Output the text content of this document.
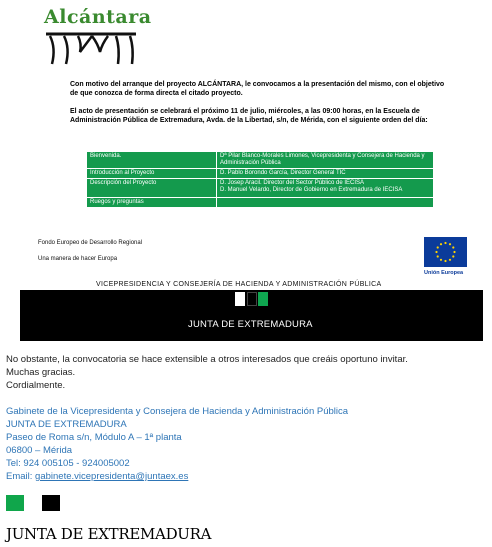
Alcántara
Con motivo del arranque del proyecto ALCÁNTARA, le convocamos a la presentación del mismo, con el objetivo de que conozca de forma directa el citado proyecto.
El acto de presentación se celebrará el próximo 11 de julio, miércoles, a las 09:00 horas, en la Escuela de Administración Pública de Extremadura, Avda. de la Libertad, s/n, de Mérida, con el siguiente orden del día:
Bienvenida.	Dª Pilar Blanco-Morales Limones, Vicepresidenta y Consejera de Hacienda y Administración Pública
Introducción al Proyecto	D. Pablo Borondo García, Director General TIC
Descripción del Proyecto	D. Josep Aracil. Director del Sector Público de IECISA
D. Manuel Velardo, Director de Gobierno en Extremadura de IECISA
Ruegos y preguntas	
Fondo Europeo de Desarrollo Regional
Una manera de hacer Europa
Unión Europea
VICEPRESIDENCIA Y CONSEJERÍA DE HACIENDA Y ADMINISTRACIÓN PÚBLICA
JUNTA DE EXTREMADURA
No obstante, la convocatoria se hace extensible a otros interesados que creáis oportuno invitar.
Muchas gracias.
Cordialmente.
Gabinete de la Vicepresidenta y Consejera de Hacienda y Administración Pública
JUNTA DE EXTREMADURA
Paseo de Roma s/n, Módulo A – 1ª planta
06800 – Mérida
Tel: 924 005105 - 924005002
Email: gabinete.vicepresidenta@juntaex.es
JUNTA DE EXTREMADURA
